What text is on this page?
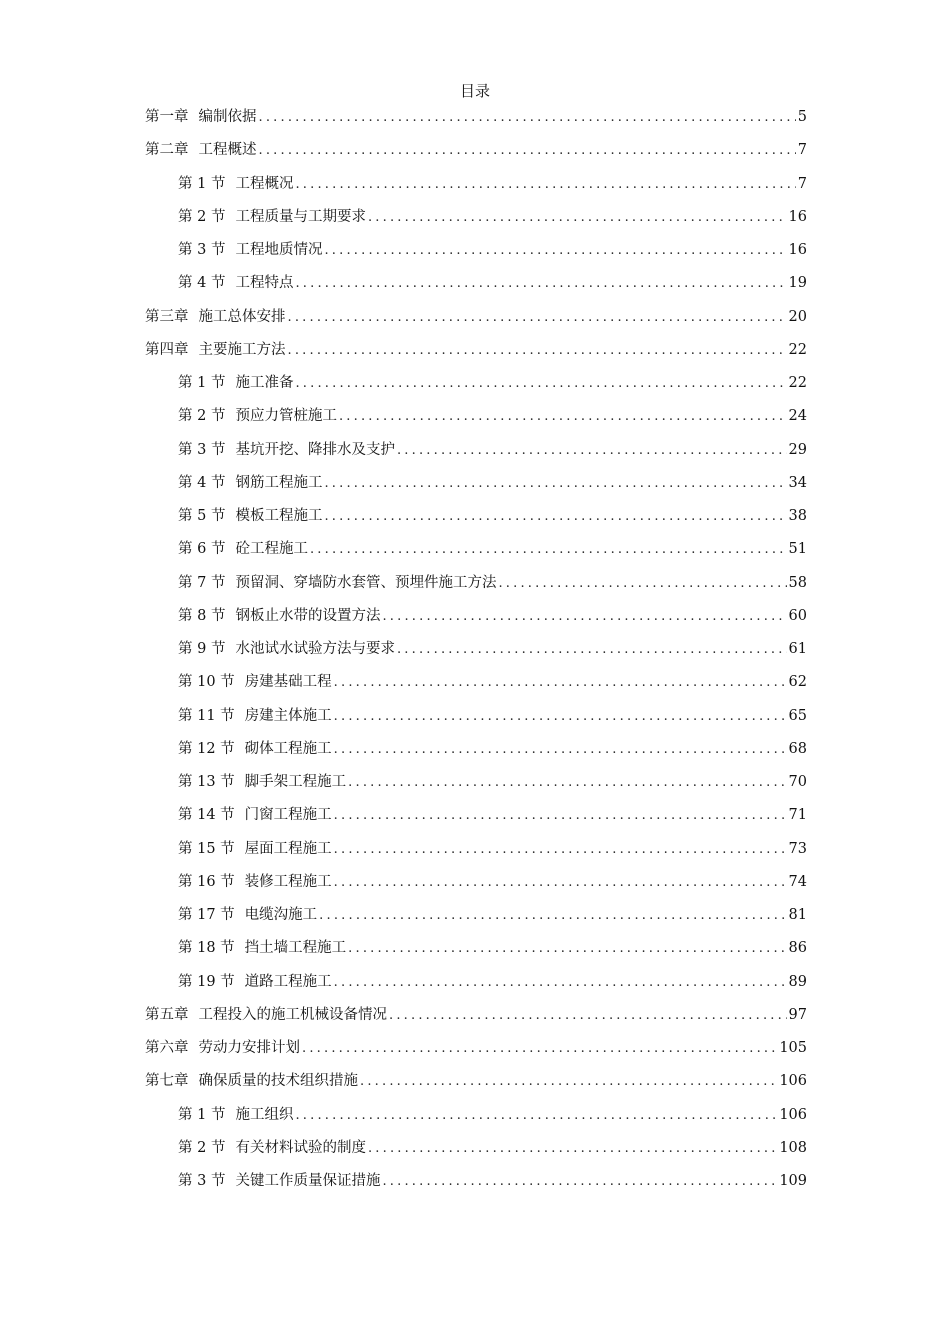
目录
第一章 编制依据 .....	5
第二章 工程概述 .....	7
第 1 节 工程概况 .....	7
第 2 节 工程质量与工期要求 .....	16
第 3 节 工程地质情况 .....	16
第 4 节 工程特点 .....	19
第三章 施工总体安排 .....	20
第四章 主要施工方法 .....	22
第 1 节 施工准备 .....	22
第 2 节 预应力管桩施工 .....	24
第 3 节 基坑开挖、降排水及支护 .....	29
第 4 节 钢筋工程施工 .....	34
第 5 节 模板工程施工 .....	38
第 6 节 砼工程施工 .....	51
第 7 节 预留洞、穿墙防水套管、预埋件施工方法 .....	58
第 8 节 钢板止水带的设置方法 .....	60
第 9 节 水池试水试验方法与要求 .....	61
第 10 节 房建基础工程 .....	62
第 11 节 房建主体施工 .....	65
第 12 节 砌体工程施工 .....	68
第 13 节 脚手架工程施工 .....	70
第 14 节 门窗工程施工 .....	71
第 15 节 屋面工程施工 .....	73
第 16 节 装修工程施工 .....	74
第 17 节 电缆沟施工 .....	81
第 18 节 挡土墙工程施工 .....	86
第 19 节 道路工程施工 .....	89
第五章 工程投入的施工机械设备情况 .....	97
第六章 劳动力安排计划 .....	105
第七章 确保质量的技术组织措施 .....	106
第 1 节 施工组织 .....	106
第 2 节 有关材料试验的制度 .....	108
第 3 节 关键工作质量保证措施 .....	109
